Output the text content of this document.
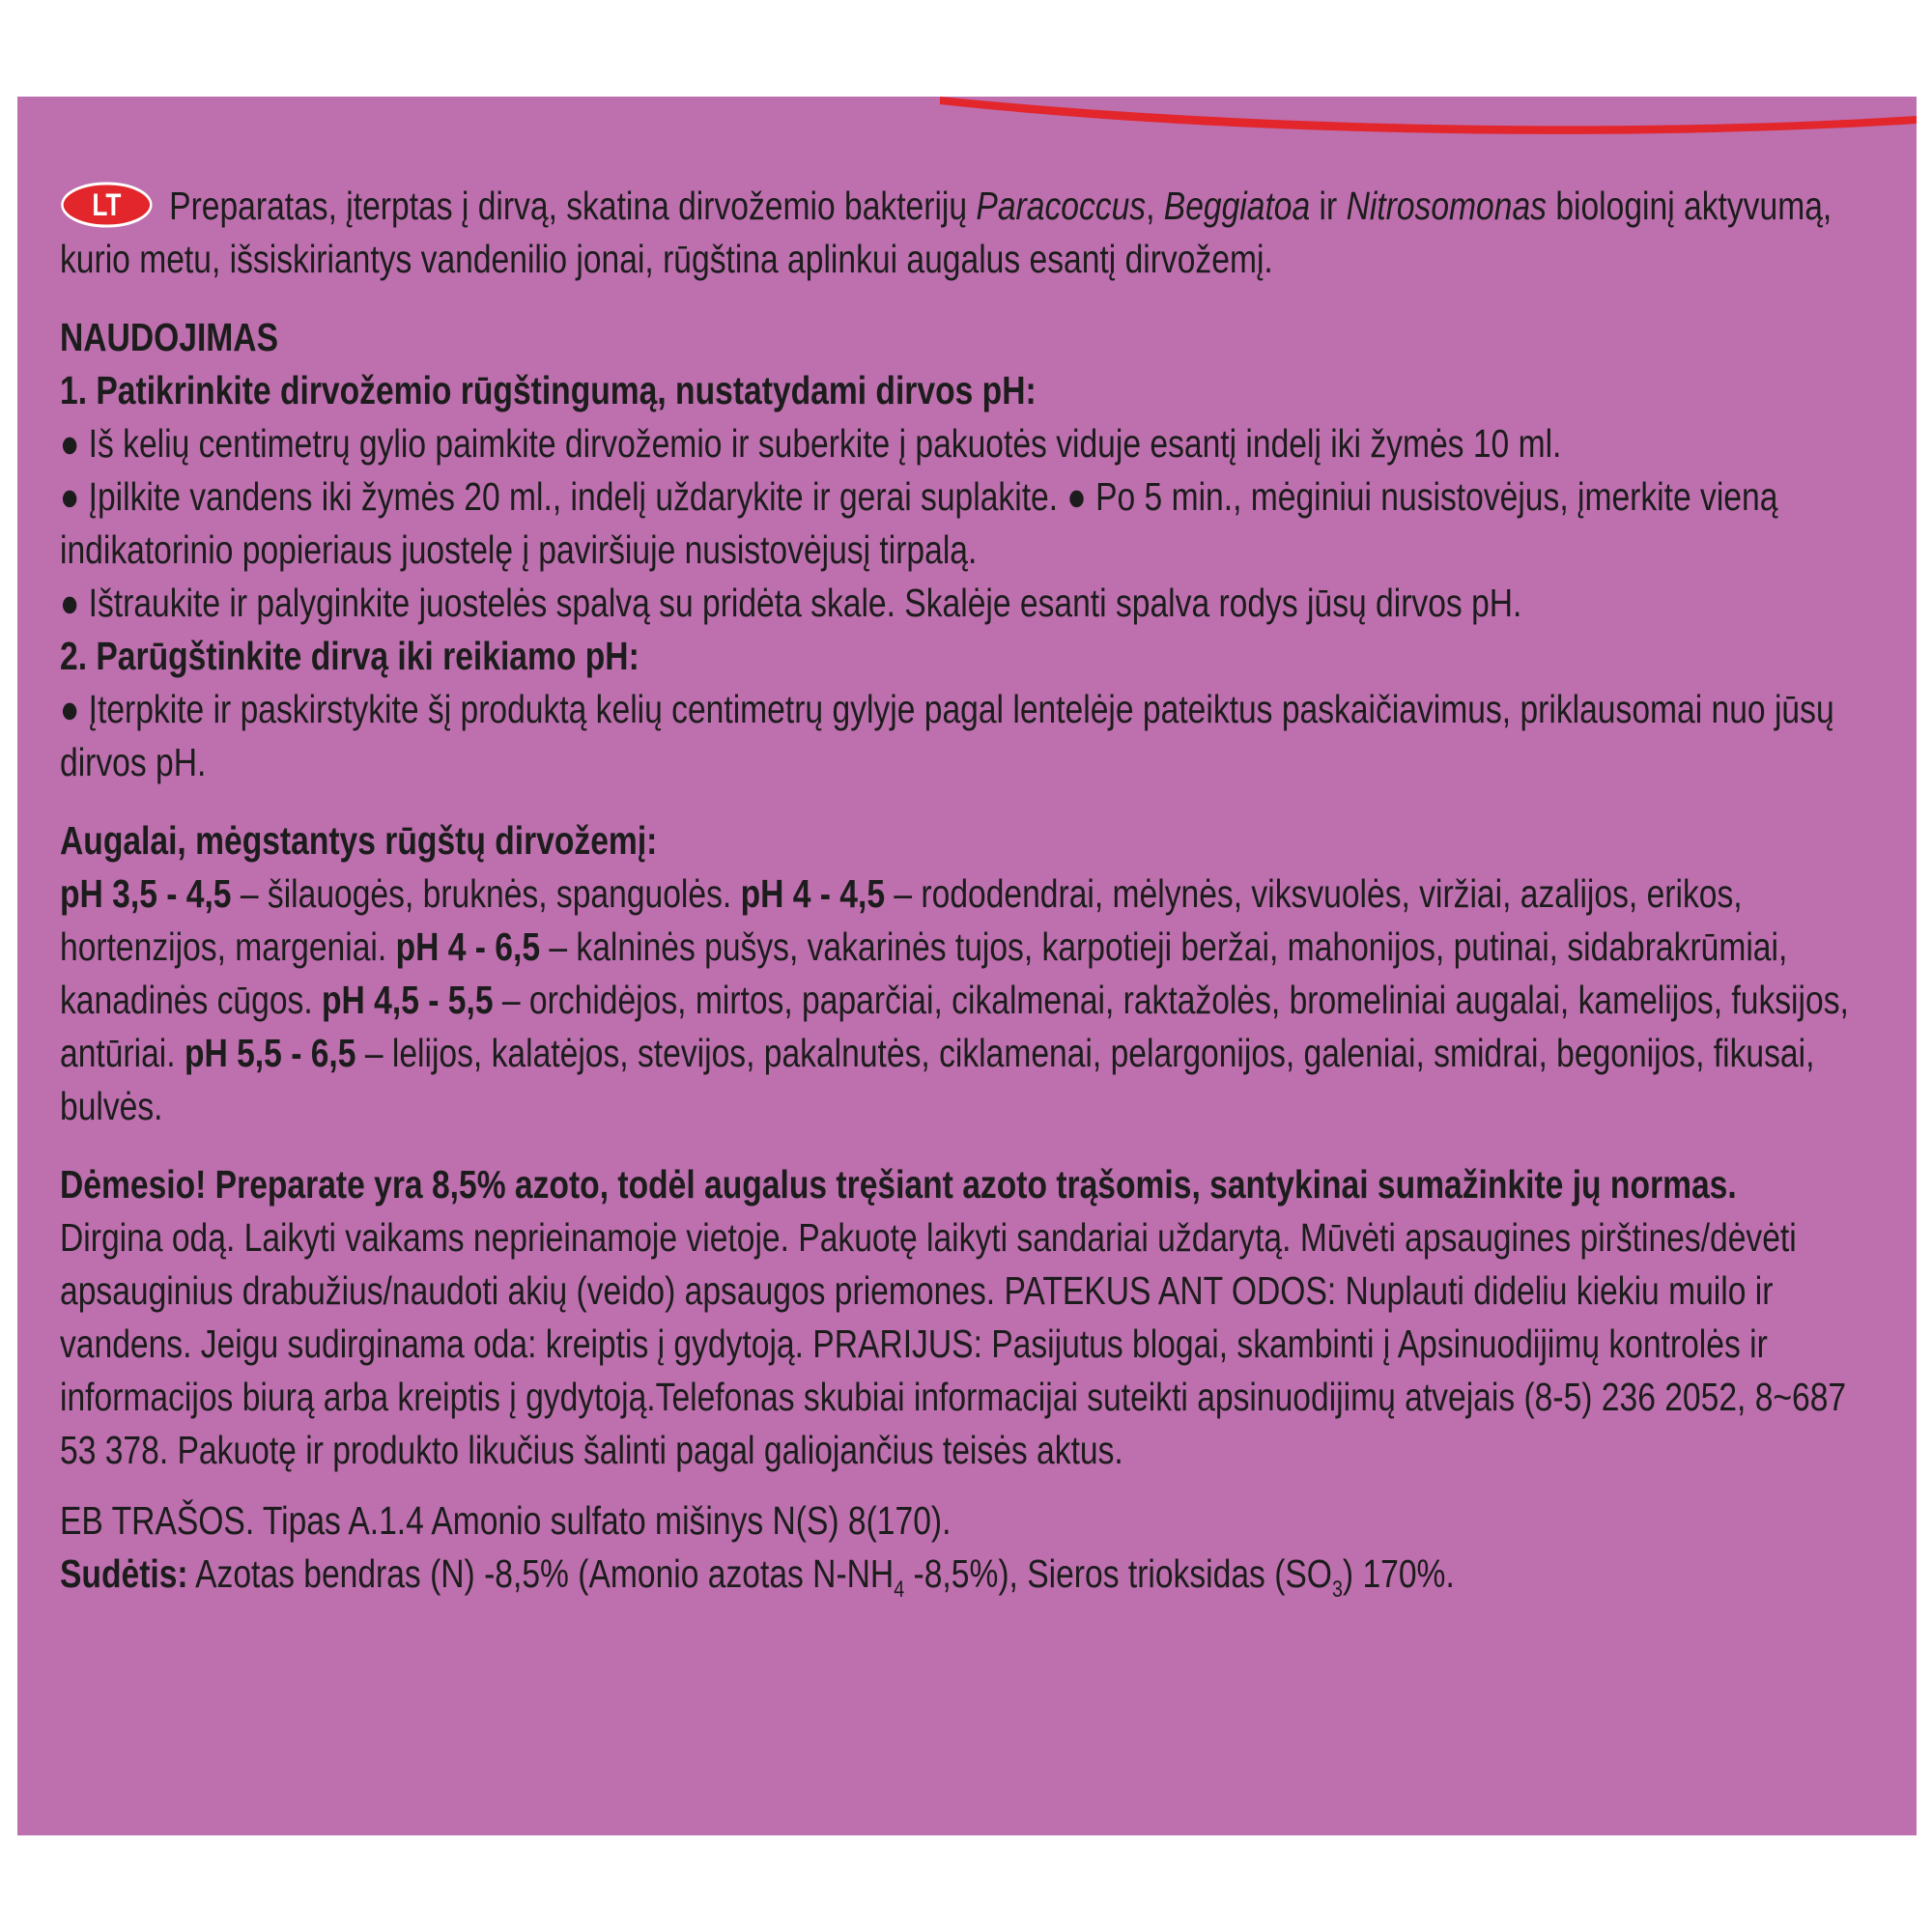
LT Preparatas, įterptas į dirvą, skatina dirvožemio bakterijų Paracoccus, Beggiatoa ir Nitrosomonas biologinį aktyvumą, kurio metu, išsiskiriantys vandenilio jonai, rūgština aplinkui augalus esantį dirvožemį.

NAUDOJIMAS

1. Patikrinkite dirvožemio rūgštingumą, nustatydami dirvos pH:

● Iš kelių centimetrų gylio paimkite dirvožemio ir suberkite į pakuotės viduje esantį indelį iki žymės 10 ml.

● Įpilkite vandens iki žymės 20 ml., indelį uždarykite ir gerai suplakite. ● Po 5 min., mėginiui nusistovėjus, įmerkite vieną indikatorinio popieriaus juostelę į paviršiuje nusistovėjusį tirpalą.

● Ištraukite ir palyginkite juostelės spalvą su pridėta skale. Skalėje esanti spalva rodys jūsų dirvos pH.

2. Parūgštinkite dirvą iki reikiamo pH:

● Įterpkite ir paskirstykite šį produktą kelių centimetrų gylyje pagal lentelėje pateiktus paskaičiavimus, priklausomai nuo jūsų dirvos pH.

Augalai, mėgstantys rūgštų dirvožemį:

pH 3,5 - 4,5 – šilauogės, bruknės, spanguolės. pH 4 - 4,5 – rododendrai, mėlynės, viksvuolės, viržiai, azalijos, erikos, hortenzijos, margeniai. pH 4 - 6,5 – kalninės pušys, vakarinės tujos, karpotieji beržai, mahonijos, putinai, sidabrakrūmiai, kanadinės cūgos. pH 4,5 - 5,5 – orchidėjos, mirtos, paparčiai, cikalmenai, raktažolės, bromeliniai augalai, kamelijos, fuksijos, antūriai. pH 5,5 - 6,5 – lelijos, kalatėjos, stevijos, pakalnutės, ciklamenai, pelargonijos, galeniai, smidrai, begonijos, fikusai, bulvės.

Dėmesio! Preparate yra 8,5% azoto, todėl augalus tręšiant azoto trąšomis, santykinai sumažinkite jų normas.

Dirgina odą. Laikyti vaikams neprieinamoje vietoje. Pakuotę laikyti sandariai uždarytą. Mūvėti apsaugines pirštines/dėvėti apsauginius drabužius/naudoti akių (veido) apsaugos priemones. PATEKUS ANT ODOS: Nuplauti dideliu kiekiu muilo ir vandens. Jeigu sudirginama oda: kreiptis į gydytoją. PRARIJUS: Pasijutus blogai, skambinti į Apsinuodijimų kontrolės ir informacijos biurą arba kreiptis į gydytoją.Telefonas skubiai informacijai suteikti apsinuodijimų atvejais (8-5) 236 2052, 8~687 53 378. Pakuotę ir produkto likučius šalinti pagal galiojančius teisės aktus.

EB TRAŠOS. Tipas A.1.4 Amonio sulfato mišinys N(S) 8(170).

Sudėtis: Azotas bendras (N) -8,5% (Amonio azotas $N-NH_4$ -8,5%), Sieros trioksidas $(SO_3)$ 170%.
